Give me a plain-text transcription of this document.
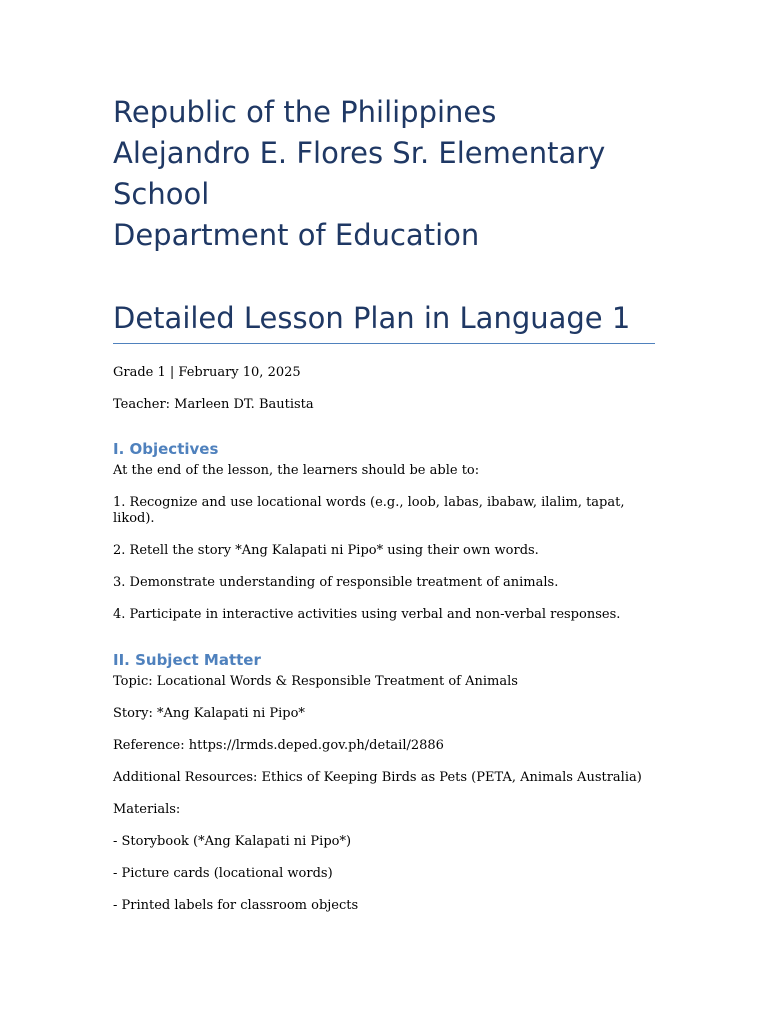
Republic of the Philippines
Alejandro E. Flores Sr. Elementary
School
Department of Education
Detailed Lesson Plan in Language 1

Grade 1 | February 10, 2025

Teacher: Marleen DT. Bautista

I. Objectives

At the end of the lesson, the learners should be able to:

1. Recognize and use locational words (e.g., loob, labas, ibabaw, ilalim, tapat, likod).

2. Retell the story *Ang Kalapati ni Pipo* using their own words.

3. Demonstrate understanding of responsible treatment of animals.

4. Participate in interactive activities using verbal and non-verbal responses.

II. Subject Matter

Topic: Locational Words & Responsible Treatment of Animals

Story: *Ang Kalapati ni Pipo*

Reference: https://lrmds.deped.gov.ph/detail/2886

Additional Resources: Ethics of Keeping Birds as Pets (PETA, Animals Australia)

Materials:

- Storybook (*Ang Kalapati ni Pipo*)

- Picture cards (locational words)

- Printed labels for classroom objects
